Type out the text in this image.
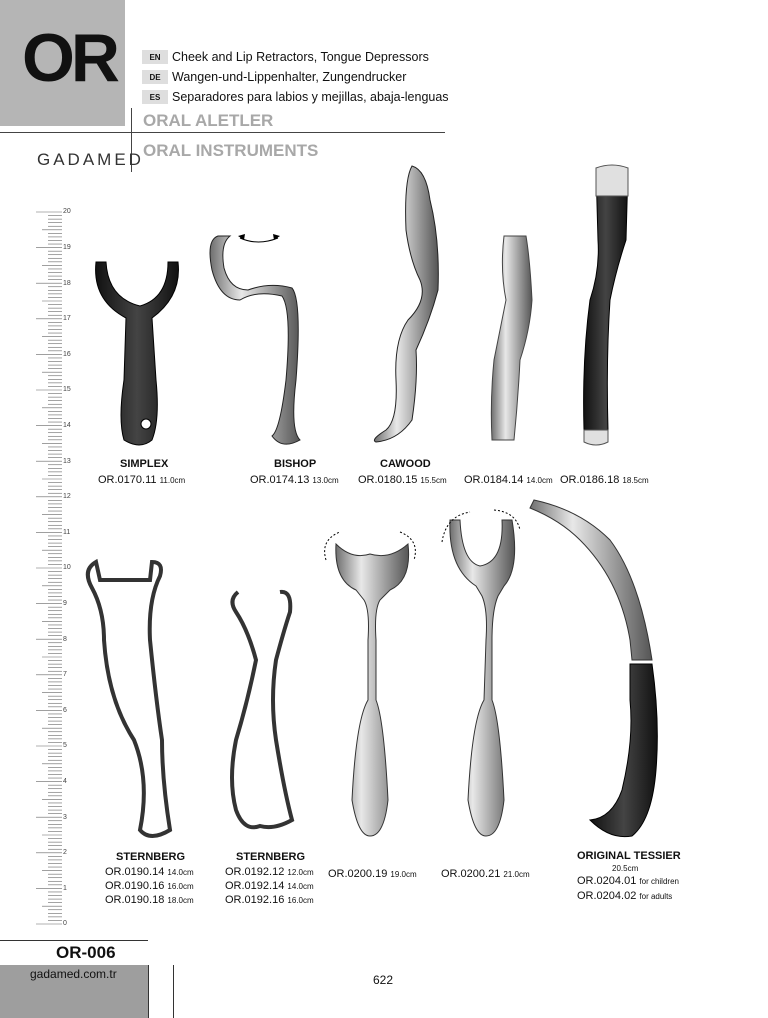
OR	EN Cheek and Lip Retractors, Tongue Depressors
DE Wangen-und-Lippenhalter, Zungendrucker
ES Separadores para labios y mejillas, abaja-lenguas
ORAL ALETLER
ORAL INSTRUMENTS
GADAMED
20
19
18
17
16
15
14
13
12
11
10
9
8
7
6
5
4
3
2
1
0
SIMPLEX
OR.0170.11 11.0cm
BISHOP
OR.0174.13 13.0cm
CAWOOD
OR.0180.15 15.5cm OR.0184.14 14.0cm OR.0186.18 18.5cm
STERNBERG
OR.0190.14 14.0cm
OR.0190.16 16.0cm
OR.0190.18 18.0cm
STERNBERG
OR.0192.12 12.0cm
OR.0192.14 14.0cm
OR.0192.16 16.0cm
OR.0200.19 19.0cm OR.0200.21 21.0cm
ORIGINAL TESSIER
20.5cm
OR.0204.01 for children
OR.0204.02 for adults
OR-006
gadamed.com.tr	622
